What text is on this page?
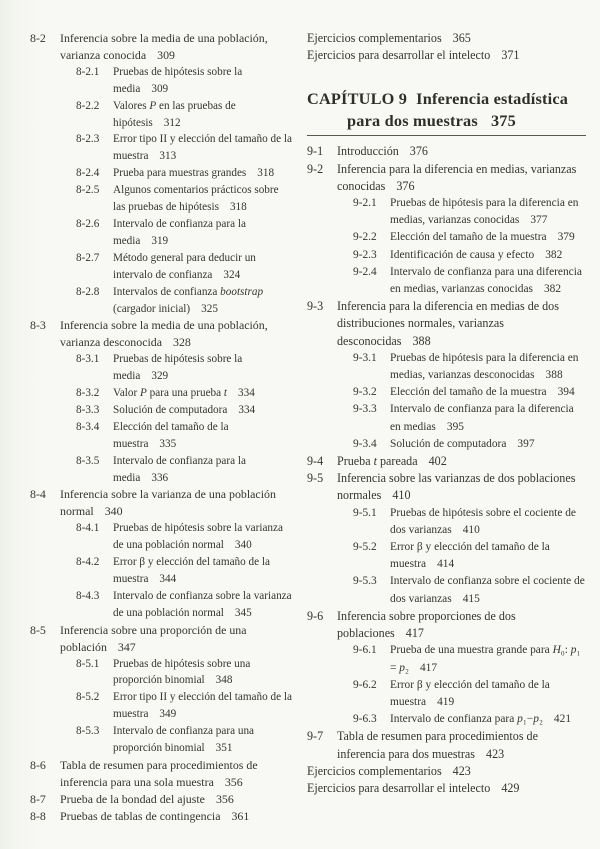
8-2	Inferencia sobre la media de una población, varianza conocida 309
8-2.1	Pruebas de hipótesis sobre la media 309
8-2.2	Valores P en las pruebas de hipótesis 312
8-2.3	Error tipo II y elección del tamaño de la muestra 313
8-2.4	Prueba para muestras grandes 318
8-2.5	Algunos comentarios prácticos sobre las pruebas de hipótesis 318
8-2.6	Intervalo de confianza para la media 319
8-2.7	Método general para deducir un intervalo de confianza 324
8-2.8	Intervalos de confianza bootstrap (cargador inicial) 325
8-3	Inferencia sobre la media de una población, varianza desconocida 328
8-3.1	Pruebas de hipótesis sobre la media 329
8-3.2	Valor P para una prueba t 334
8-3.3	Solución de computadora 334
8-3.4	Elección del tamaño de la muestra 335
8-3.5	Intervalo de confianza para la media 336
8-4	Inferencia sobre la varianza de una población normal 340
8-4.1	Pruebas de hipótesis sobre la varianza de una población normal 340
8-4.2	Error β y elección del tamaño de la muestra 344
8-4.3	Intervalo de confianza sobre la varianza de una población normal 345
8-5	Inferencia sobre una proporción de una población 347
8-5.1	Pruebas de hipótesis sobre una proporción binomial 348
8-5.2	Error tipo II y elección del tamaño de la muestra 349
8-5.3	Intervalo de confianza para una proporción binomial 351
8-6	Tabla de resumen para procedimientos de inferencia para una sola muestra 356
8-7	Prueba de la bondad del ajuste 356
8-8	Pruebas de tablas de contingencia 361
Ejercicios complementarios 365
Ejercicios para desarrollar el intelecto 371
CAPÍTULO 9 Inferencia estadística para dos muestras 375
9-1	Introducción 376
9-2	Inferencia para la diferencia en medias, varianzas conocidas 376
9-2.1	Pruebas de hipótesis para la diferencia en medias, varianzas conocidas 377
9-2.2	Elección del tamaño de la muestra 379
9-2.3	Identificación de causa y efecto 382
9-2.4	Intervalo de confianza para una diferencia en medias, varianzas conocidas 382
9-3	Inferencia para la diferencia en medias de dos distribuciones normales, varianzas desconocidas 388
9-3.1	Pruebas de hipótesis para la diferencia en medias, varianzas desconocidas 388
9-3.2	Elección del tamaño de la muestra 394
9-3.3	Intervalo de confianza para la diferencia en medias 395
9-3.4	Solución de computadora 397
9-4	Prueba t pareada 402
9-5	Inferencia sobre las varianzas de dos poblaciones normales 410
9-5.1	Pruebas de hipótesis sobre el cociente de dos varianzas 410
9-5.2	Error β y elección del tamaño de la muestra 414
9-5.3	Intervalo de confianza sobre el cociente de dos varianzas 415
9-6	Inferencia sobre proporciones de dos poblaciones 417
9-6.1	Prueba de una muestra grande para H₀: p₁ = p₂ 417
9-6.2	Error β y elección del tamaño de la muestra 419
9-6.3	Intervalo de confianza para p₁−p₂ 421
9-7	Tabla de resumen para procedimientos de inferencia para dos muestras 423
Ejercicios complementarios 423
Ejercicios para desarrollar el intelecto 429
